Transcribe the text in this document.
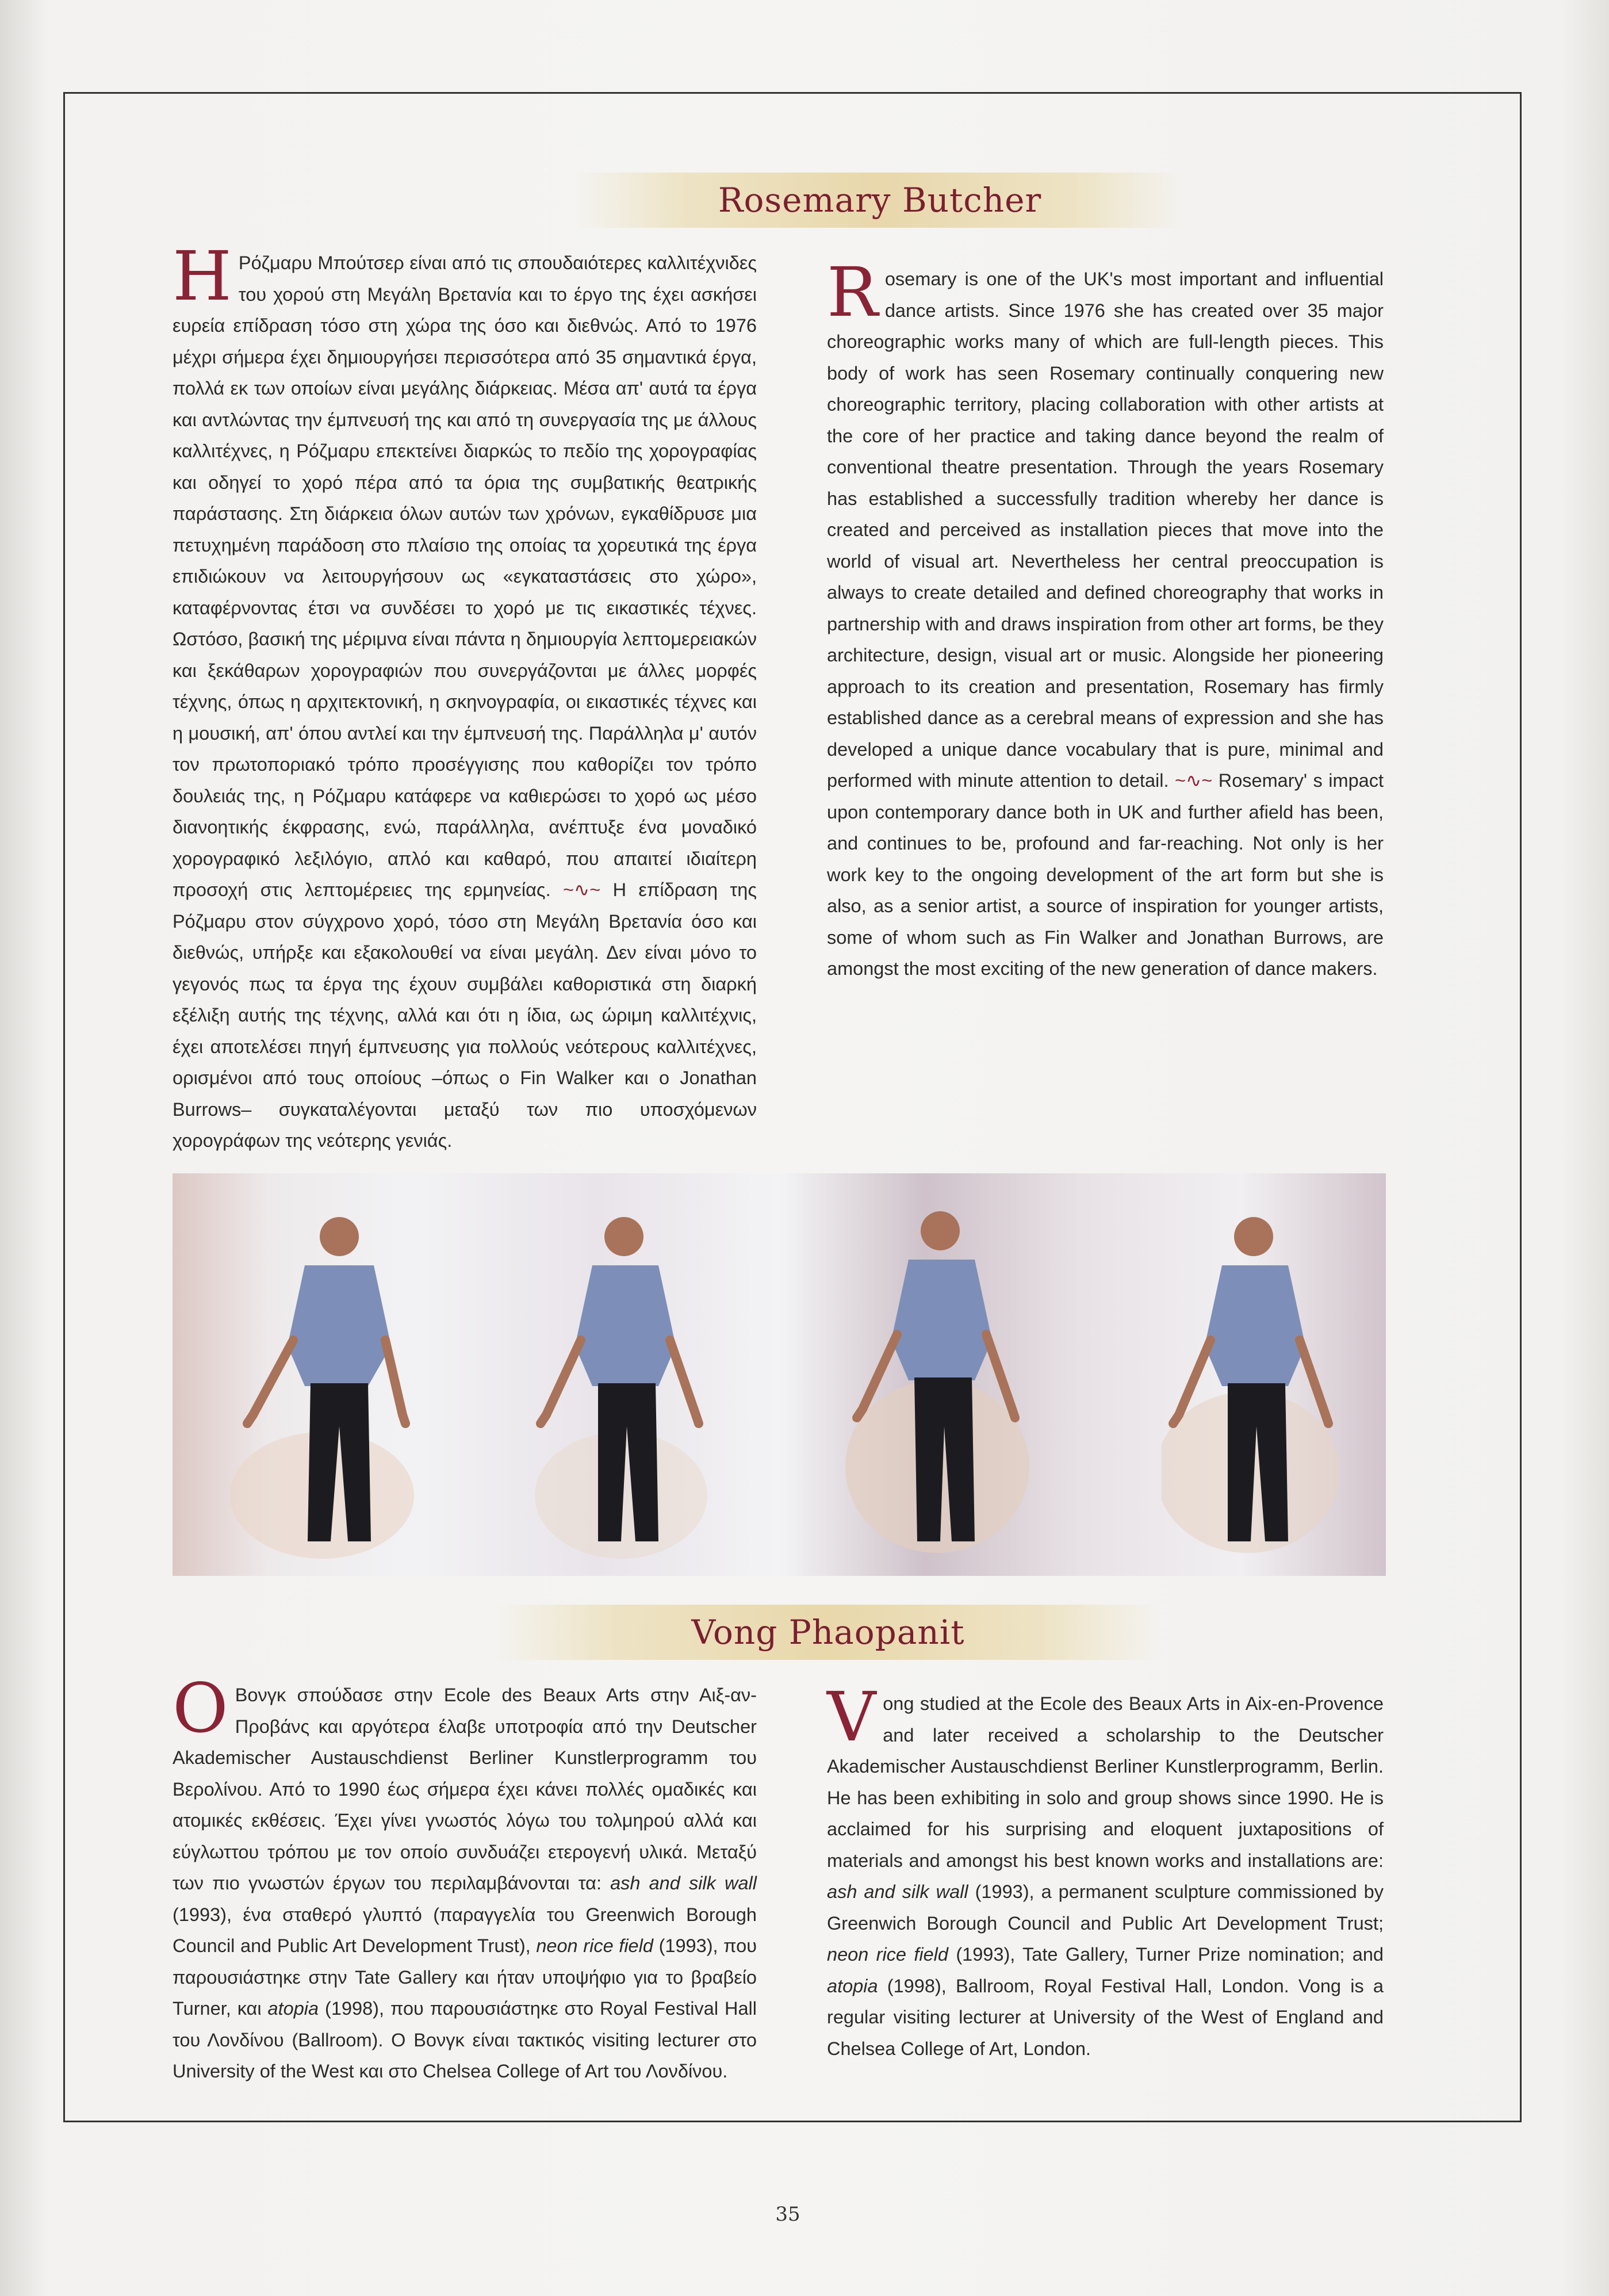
Rosemary Butcher

Η Ρόζμαρυ Μπούτσερ είναι από τις σπουδαιότερες καλλιτέχνιδες του χορού στη Μεγάλη Βρετανία και το έργο της έχει ασκήσει ευρεία επίδραση τόσο στη χώρα της όσο και διεθνώς. Από το 1976 μέχρι σήμερα έχει δημιουργήσει περισσότερα από 35 σημαντικά έργα, πολλά εκ των οποίων είναι μεγάλης διάρκειας. Μέσα απ' αυτά τα έργα και αντλώντας την έμπνευσή της και από τη συνεργασία της με άλλους καλλιτέχνες, η Ρόζμαρυ επεκτείνει διαρκώς το πεδίο της χορογραφίας και οδηγεί το χορό πέρα από τα όρια της συμβατικής θεατρικής παράστασης. Στη διάρκεια όλων αυτών των χρόνων, εγκαθίδρυσε μια πετυχημένη παράδοση στο πλαίσιο της οποίας τα χορευτικά της έργα επιδιώκουν να λειτουργήσουν ως «εγκαταστάσεις στο χώρο», καταφέρνοντας έτσι να συνδέσει το χορό με τις εικαστικές τέχνες. Ωστόσο, βασική της μέριμνα είναι πάντα η δημιουργία λεπτομερειακών και ξεκάθαρων χορογραφιών που συνεργάζονται με άλλες μορφές τέχνης, όπως η αρχιτεκτονική, η σκηνογραφία, οι εικαστικές τέχνες και η μουσική, απ' όπου αντλεί και την έμπνευσή της. Παράλληλα μ' αυτόν τον πρωτοποριακό τρόπο προσέγγισης που καθορίζει τον τρόπο δουλειάς της, η Ρόζμαρυ κατάφερε να καθιερώσει το χορό ως μέσο διανοητικής έκφρασης, ενώ, παράλληλα, ανέπτυξε ένα μοναδικό χορογραφικό λεξιλόγιο, απλό και καθαρό, που απαιτεί ιδιαίτερη προσοχή στις λεπτομέρειες της ερμηνείας. ~∿~ Η επίδραση της Ρόζμαρυ στον σύγχρονο χορό, τόσο στη Μεγάλη Βρετανία όσο και διεθνώς, υπήρξε και εξακολουθεί να είναι μεγάλη. Δεν είναι μόνο το γεγονός πως τα έργα της έχουν συμβάλει καθοριστικά στη διαρκή εξέλιξη αυτής της τέχνης, αλλά και ότι η ίδια, ως ώριμη καλλιτέχνις, έχει αποτελέσει πηγή έμπνευσης για πολλούς νεότερους καλλιτέχνες, ορισμένοι από τους οποίους –όπως ο Fin Walker και ο Jonathan Burrows– συγκαταλέγονται μεταξύ των πιο υποσχόμενων χορογράφων της νεότερης γενιάς.

Rosemary is one of the UK's most important and influential dance artists. Since 1976 she has created over 35 major choreographic works many of which are full-length pieces. This body of work has seen Rosemary continually conquering new choreographic territory, placing collaboration with other artists at the core of her practice and taking dance beyond the realm of conventional theatre presentation. Through the years Rosemary has established a successfully tradition whereby her dance is created and perceived as installation pieces that move into the world of visual art. Nevertheless her central preoccupation is always to create detailed and defined choreography that works in partnership with and draws inspiration from other art forms, be they architecture, design, visual art or music. Alongside her pioneering approach to its creation and presentation, Rosemary has firmly established dance as a cerebral means of expression and she has developed a unique dance vocabulary that is pure, minimal and performed with minute attention to detail. ~∿~ Rosemary' s impact upon contemporary dance both in UK and further afield has been, and continues to be, profound and far-reaching. Not only is her work key to the ongoing development of the art form but she is also, as a senior artist, a source of inspiration for younger artists, some of whom such as Fin Walker and Jonathan Burrows, are amongst the most exciting of the new generation of dance makers.

Vong Phaopanit

Ο Βονγκ σπούδασε στην Ecole des Beaux Arts στην Αιξ-αν-Προβάνς και αργότερα έλαβε υποτροφία από την Deutscher Akademischer Austauschdienst Berliner Kunstlerprogramm του Βερολίνου. Από το 1990 έως σήμερα έχει κάνει πολλές ομαδικές και ατομικές εκθέσεις. Έχει γίνει γνωστός λόγω του τολμηρού αλλά και εύγλωττου τρόπου με τον οποίο συνδυάζει ετερογενή υλικά. Μεταξύ των πιο γνωστών έργων του περιλαμβάνονται τα: ash and silk wall (1993), ένα σταθερό γλυπτό (παραγγελία του Greenwich Borough Council and Public Art Development Trust), neon rice field (1993), που παρουσιάστηκε στην Tate Gallery και ήταν υποψήφιο για το βραβείο Turner, και atopia (1998), που παρουσιάστηκε στο Royal Festival Hall του Λονδίνου (Ballroom). Ο Βονγκ είναι τακτικός visiting lecturer στο University of the West και στο Chelsea College of Art του Λονδίνου.

Vong studied at the Ecole des Beaux Arts in Aix-en-Provence and later received a scholarship to the Deutscher Akademischer Austauschdienst Berliner Kunstlerprogramm, Berlin. He has been exhibiting in solo and group shows since 1990. He is acclaimed for his surprising and eloquent juxtapositions of materials and amongst his best known works and installations are: ash and silk wall (1993), a permanent sculpture commissioned by Greenwich Borough Council and Public Art Development Trust; neon rice field (1993), Tate Gallery, Turner Prize nomination; and atopia (1998), Ballroom, Royal Festival Hall, London. Vong is a regular visiting lecturer at University of the West of England and Chelsea College of Art, London.

35
